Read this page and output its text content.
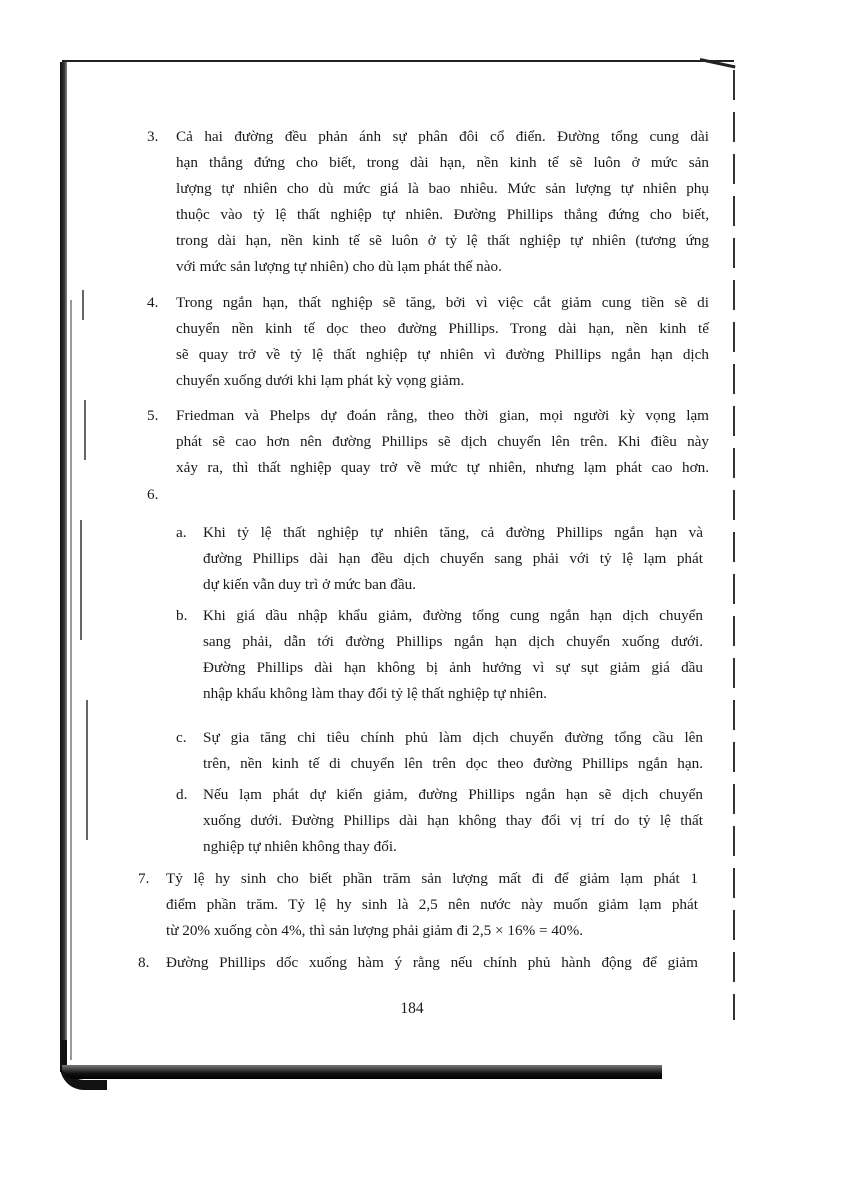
3. Cả hai đường đều phản ánh sự phân đôi cổ điển. Đường tổng cung dài
hạn thẳng đứng cho biết, trong dài hạn, nền kinh tế sẽ luôn ở mức sản
lượng tự nhiên cho dù mức giá là bao nhiêu. Mức sản lượng tự nhiên phụ
thuộc vào tỷ lệ thất nghiệp tự nhiên. Đường Phillips thẳng đứng cho biết,
trong dài hạn, nền kinh tế sẽ luôn ở tỷ lệ thất nghiệp tự nhiên (tương ứng
với mức sản lượng tự nhiên) cho dù lạm phát thế nào.
4. Trong ngắn hạn, thất nghiệp sẽ tăng, bởi vì việc cắt giảm cung tiền sẽ di
chuyển nền kinh tế dọc theo đường Phillips. Trong dài hạn, nền kinh tế
sẽ quay trở về tỷ lệ thất nghiệp tự nhiên vì đường Phillips ngắn hạn dịch
chuyển xuống dưới khi lạm phát kỳ vọng giảm.
5. Friedman và Phelps dự đoán rằng, theo thời gian, mọi người kỳ vọng lạm
phát sẽ cao hơn nên đường Phillips sẽ dịch chuyển lên trên. Khi điều này
xảy ra, thì thất nghiệp quay trở về mức tự nhiên, nhưng lạm phát cao hơn.
6.
a. Khi tỷ lệ thất nghiệp tự nhiên tăng, cả đường Phillips ngắn hạn và
đường Phillips dài hạn đều dịch chuyển sang phải với tỷ lệ lạm phát
dự kiến vẫn duy trì ở mức ban đầu.
b. Khi giá dầu nhập khẩu giảm, đường tổng cung ngắn hạn dịch chuyển
sang phải, dẫn tới đường Phillips ngắn hạn dịch chuyển xuống dưới.
Đường Phillips dài hạn không bị ảnh hưởng vì sự sụt giảm giá dầu
nhập khẩu không làm thay đổi tỷ lệ thất nghiệp tự nhiên.
c. Sự gia tăng chi tiêu chính phủ làm dịch chuyển đường tổng cầu lên
trên, nền kinh tế di chuyển lên trên dọc theo đường Phillips ngắn hạn.
d. Nếu lạm phát dự kiến giảm, đường Phillips ngắn hạn sẽ dịch chuyển
xuống dưới. Đường Phillips dài hạn không thay đổi vị trí do tỷ lệ thất
nghiệp tự nhiên không thay đổi.
7. Tỷ lệ hy sinh cho biết phần trăm sản lượng mất đi để giảm lạm phát 1
điểm phần trăm. Tỷ lệ hy sinh là 2,5 nên nước này muốn giảm lạm phát
từ 20% xuống còn 4%, thì sản lượng phải giảm đi 2,5 × 16% = 40%.
8. Đường Phillips dốc xuống hàm ý rằng nếu chính phủ hành động để giảm
184
